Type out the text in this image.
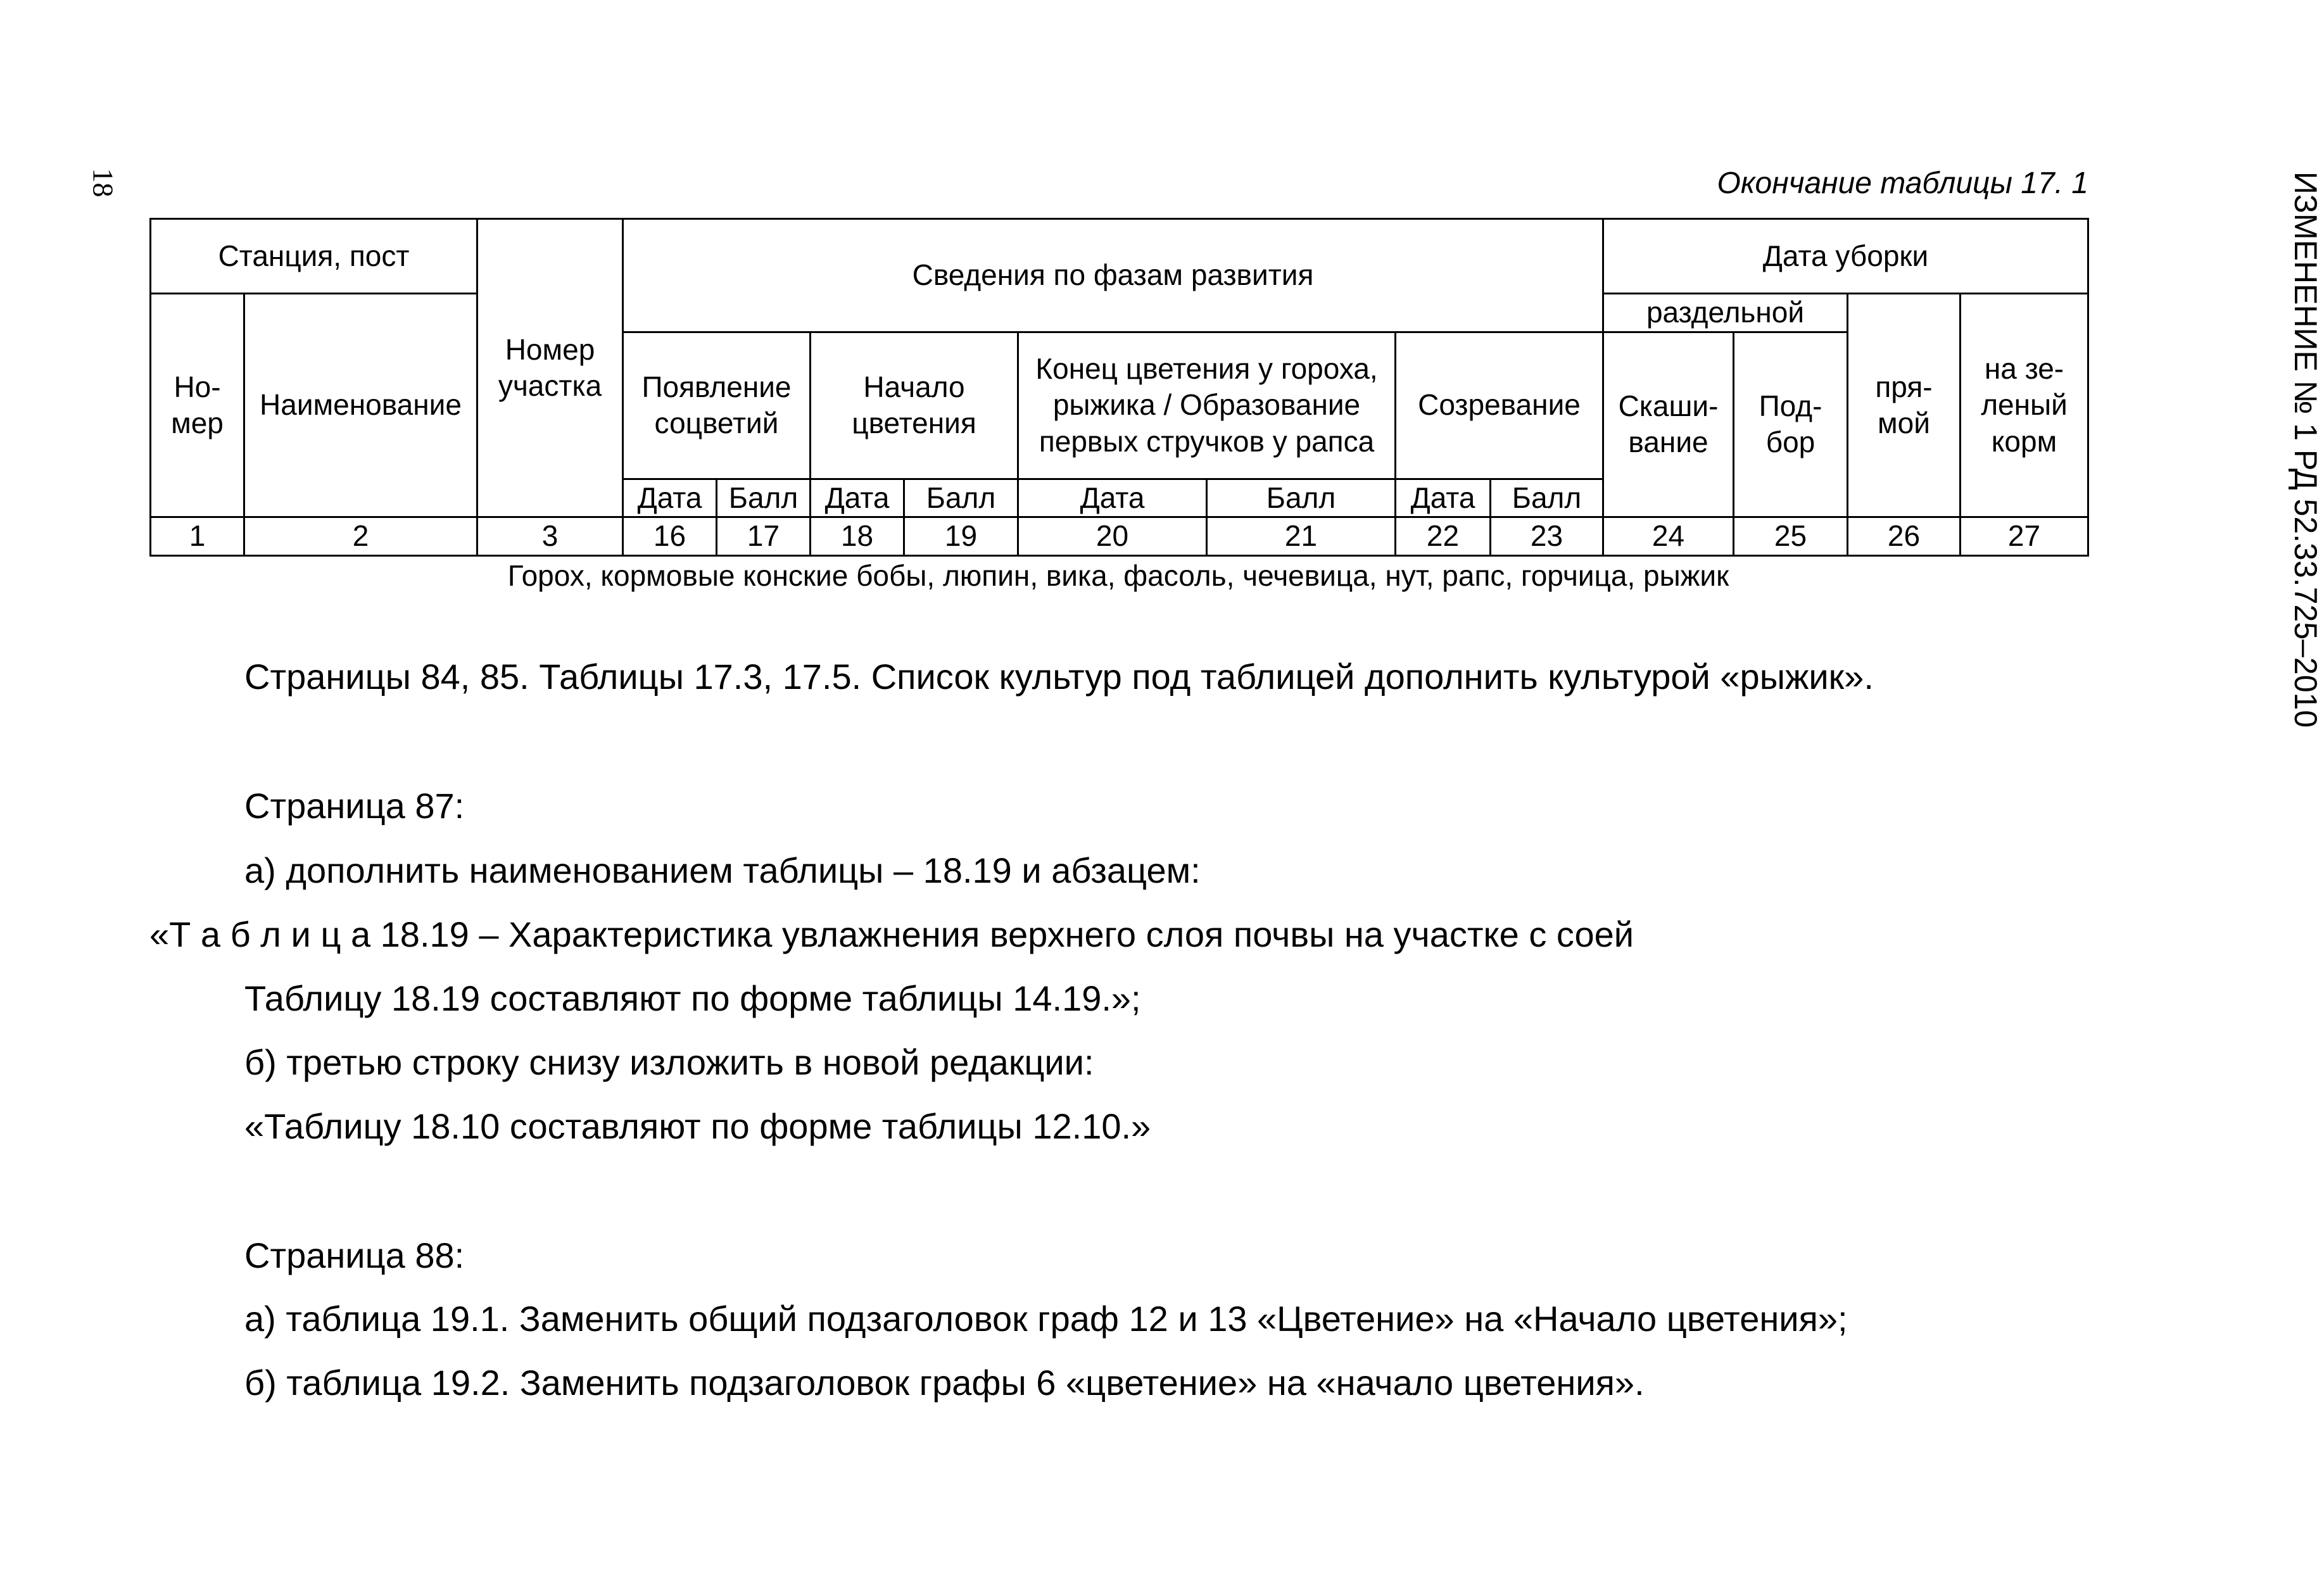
18	ИЗМЕНЕНИЕ № 1 РД 52.33.725–2010
Окончание таблицы 17. 1
Станция, пост		Номер участка	Сведения по фазам развития								Дата уборки			
Но-мер	Наименование										раздельной		пря-мой	на зе-леный корм
			Появление соцветий		Начало цветения		Конец цветения у гороха, рыжика / Образование первых стручков у рапса		Созревание		Скаши-вание	Под-бор		
			Дата	Балл	Дата	Балл	Дата	Балл	Дата	Балл				
1	2	3	16	17	18	19	20	21	22	23	24	25	26	27
Горох, кормовые конские бобы, люпин, вика, фасоль, чечевица, нут, рапс, горчица, рыжик
Страницы 84, 85. Таблицы 17.3, 17.5. Список культур под таблицей дополнить культурой «рыжик».
Страница 87:
а) дополнить наименованием таблицы – 18.19 и абзацем:
«Т а б л и ц а 18.19 – Характеристика увлажнения верхнего слоя почвы на участке с соей
Таблицу 18.19 составляют по форме таблицы 14.19.»;
б) третью строку снизу изложить в новой редакции:
«Таблицу 18.10 составляют по форме таблицы 12.10.»
Страница 88:
а) таблица 19.1. Заменить общий подзаголовок граф 12 и 13 «Цветение» на «Начало цветения»;
б) таблица 19.2. Заменить подзаголовок графы 6 «цветение» на «начало цветения».
